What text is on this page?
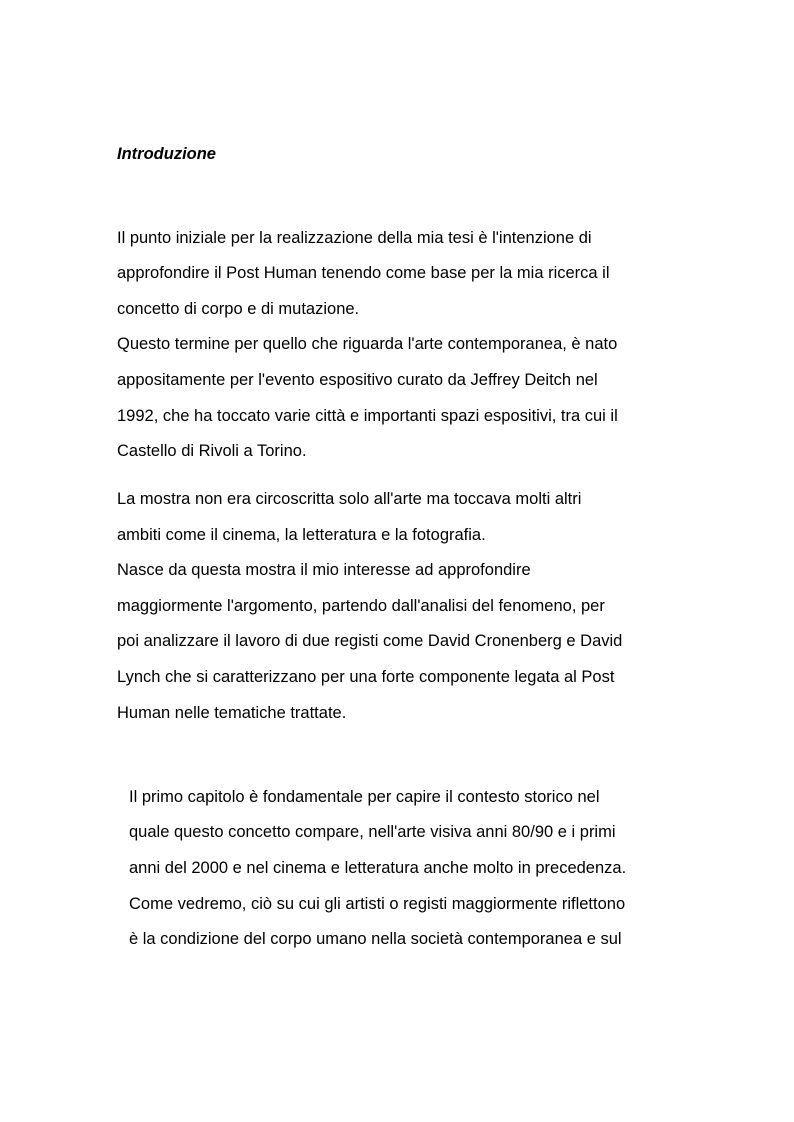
Introduzione
Il punto iniziale per la realizzazione della mia tesi è l'intenzione di
approfondire il Post Human tenendo come base per la mia ricerca il
concetto di corpo e di mutazione.
Questo termine per quello che riguarda l'arte contemporanea, è nato
appositamente per l'evento espositivo curato da Jeffrey Deitch nel
1992, che ha toccato varie città e importanti spazi espositivi, tra cui il
Castello di Rivoli a Torino.
La mostra non era circoscritta solo all'arte ma toccava molti altri
ambiti come il cinema, la letteratura e la fotografia.
Nasce da questa mostra il mio interesse ad approfondire
maggiormente l'argomento, partendo dall'analisi del fenomeno, per
poi analizzare il lavoro di due registi come David Cronenberg e David
Lynch che si caratterizzano per una forte componente legata al Post
Human nelle tematiche trattate.
Il primo capitolo è fondamentale per capire il contesto storico nel
quale questo concetto compare, nell'arte visiva anni 80/90 e i primi
anni del 2000 e nel cinema e letteratura anche molto in precedenza.
Come vedremo, ciò su cui gli artisti o registi maggiormente riflettono
è la condizione del corpo umano nella società contemporanea e sul
